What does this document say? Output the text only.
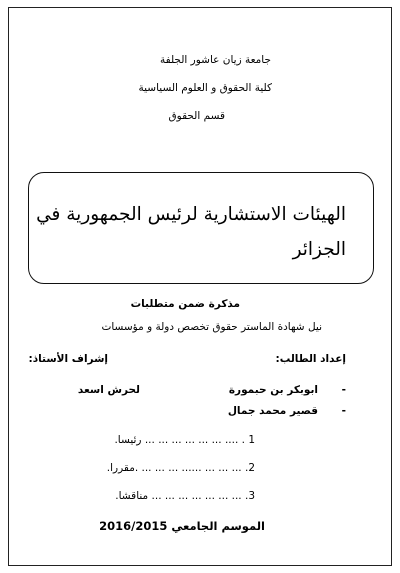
جامعة زيان عاشور الجلفة
كلية الحقوق و العلوم السياسية
قسم الحقوق
الهيئات الاستشارية لرئيس الجمهورية في
الجزائر
مذكرة ضمن متطلبات
نيل شهادة الماستر حقوق تخصص دولة و مؤسسات
إعداد الطالب:
إشراف الأستاذ:
-
ابوبكر بن حبمورة
لحرش اسعد
-
قصير محمد جمال
1 . .... ... ... ... ... ... ... رئيسا.
2. ... ... ... ...... ... ... ... .مقررا.
3. ... ... ... ... ... ... ... مناقشا.
الموسم الجامعي 2016/2015
